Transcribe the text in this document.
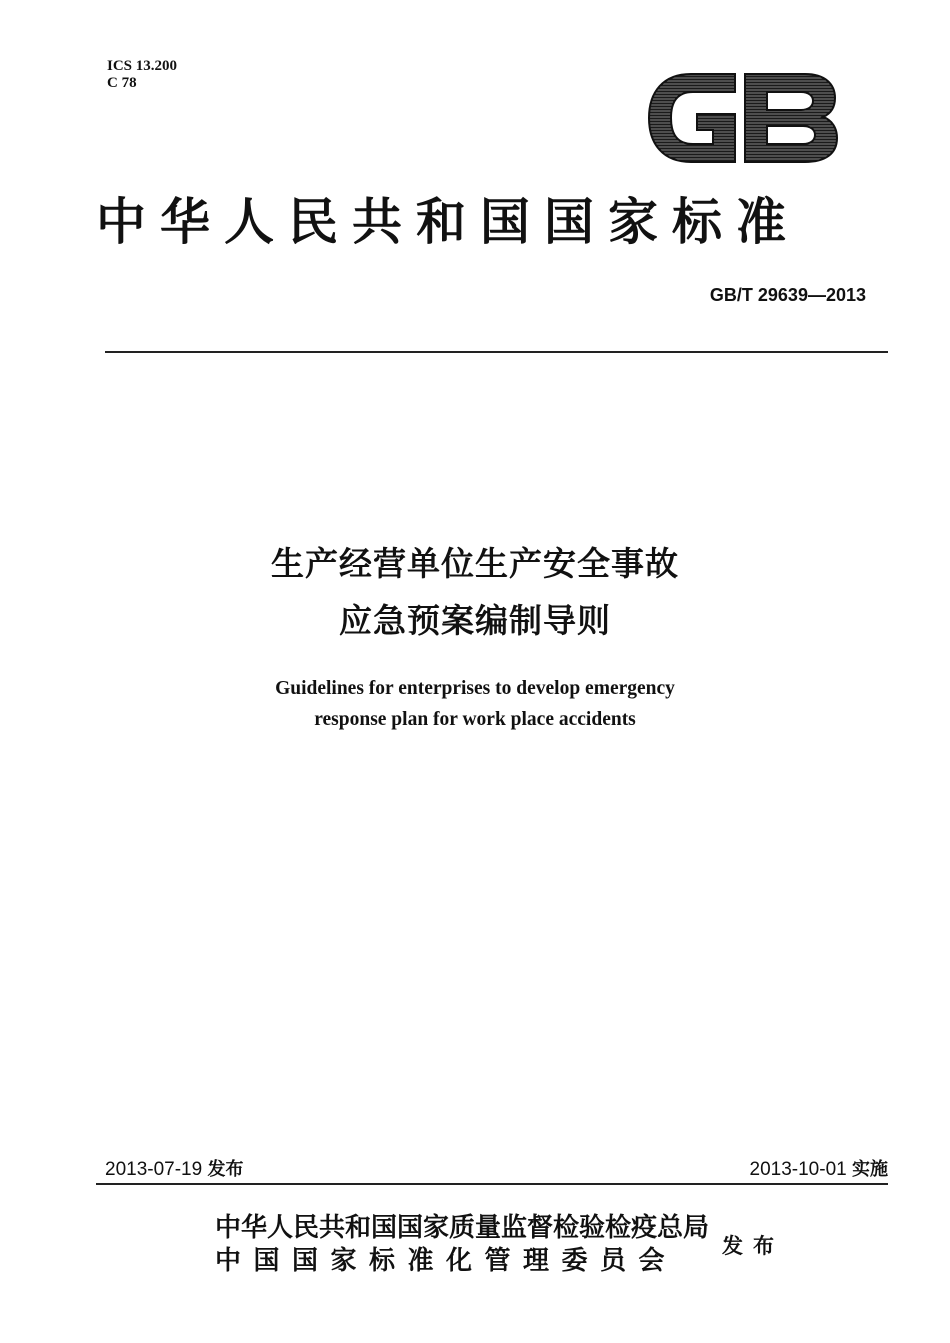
ICS 13.200
C 78
中华人民共和国国家标准
GB/T 29639—2013
生产经营单位生产安全事故
应急预案编制导则
Guidelines for enterprises to develop emergency
response plan for work place accidents
2013-07-19 发布	2013-10-01 实施
中华人民共和国国家质量监督检验检疫总局
中国国家标准化管理委员会
发布
